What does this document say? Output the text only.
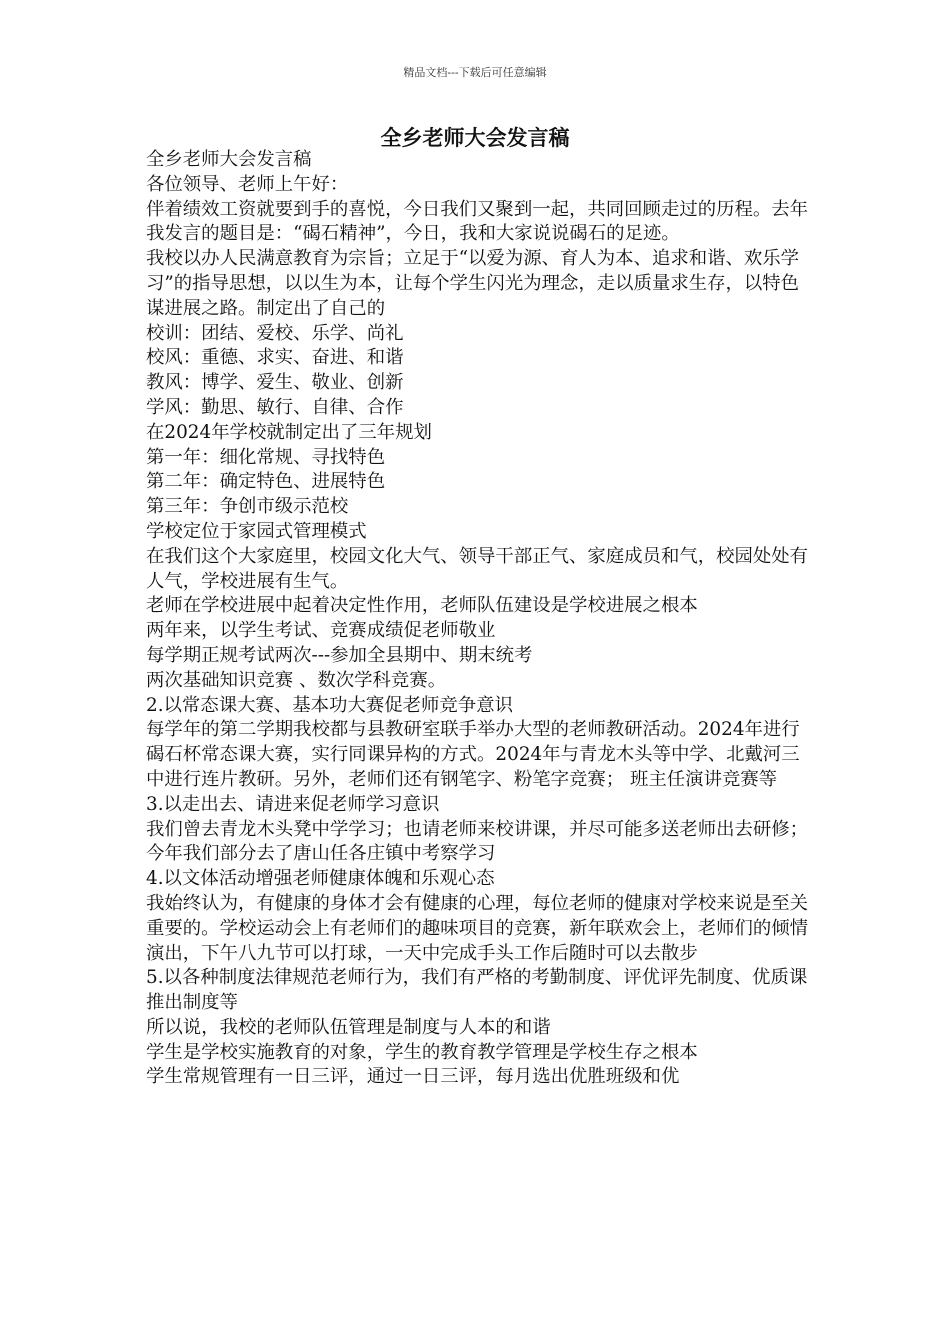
精品文档---下载后可任意编辑
全乡老师大会发言稿

全乡老师大会发言稿

各位领导、老师上午好：

伴着绩效工资就要到手的喜悦，今日我们又聚到一起，共同回顾走过的历程。去年我发言的题目是：“碣石精神”，今日，我和大家说说碣石的足迹。

我校以办人民满意教育为宗旨；立足于“以爱为源、育人为本、追求和谐、欢乐学习”的指导思想，以以生为本，让每个学生闪光为理念，走以质量求生存，以特色谋进展之路。制定出了自己的

校训：团结、爱校、乐学、尚礼

校风：重德、求实、奋进、和谐

教风：博学、爱生、敬业、创新

学风：勤思、敏行、自律、合作

在2024年学校就制定出了三年规划

第一年：细化常规、寻找特色

第二年：确定特色、进展特色

第三年：争创市级示范校

学校定位于家园式管理模式

在我们这个大家庭里，校园文化大气、领导干部正气、家庭成员和气，校园处处有人气，学校进展有生气。

老师在学校进展中起着决定性作用，老师队伍建设是学校进展之根本

两年来，以学生考试、竞赛成绩促老师敬业

每学期正规考试两次---参加全县期中、期末统考

两次基础知识竞赛 、数次学科竞赛。

2.以常态课大赛、基本功大赛促老师竞争意识

每学年的第二学期我校都与县教研室联手举办大型的老师教研活动。2024年进行碣石杯常态课大赛，实行同课异构的方式。2024年与青龙木头等中学、北戴河三中进行连片教研。另外，老师们还有钢笔字、粉笔字竞赛； 班主任演讲竞赛等

3.以走出去、请进来促老师学习意识

我们曾去青龙木头凳中学学习；也请老师来校讲课，并尽可能多送老师出去研修；今年我们部分去了唐山任各庄镇中考察学习

4.以文体活动增强老师健康体魄和乐观心态

我始终认为，有健康的身体才会有健康的心理，每位老师的健康对学校来说是至关重要的。学校运动会上有老师们的趣味项目的竞赛，新年联欢会上，老师们的倾情演出，下午八九节可以打球，一天中完成手头工作后随时可以去散步

5.以各种制度法律规范老师行为，我们有严格的考勤制度、评优评先制度、优质课推出制度等

所以说，我校的老师队伍管理是制度与人本的和谐

学生是学校实施教育的对象，学生的教育教学管理是学校生存之根本

学生常规管理有一日三评，通过一日三评，每月选出优胜班级和优
